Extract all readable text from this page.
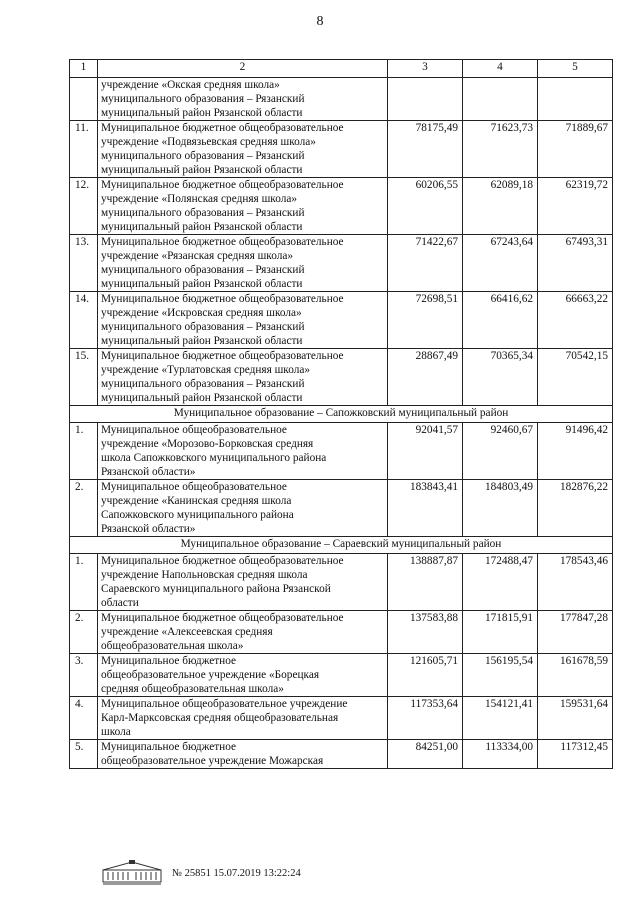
8
1	2	3	4	5

	учреждение «Окская средняя школа»
муниципального образования – Рязанский
муниципальный район Рязанской области			

11.	Муниципальное бюджетное общеобразовательное
учреждение «Подвязьевская средняя школа»
муниципального образования – Рязанский
муниципальный район Рязанской области	78175,49	71623,73	71889,67
12.	Муниципальное бюджетное общеобразовательное
учреждение «Полянская средняя школа»
муниципального образования – Рязанский
муниципальный район Рязанской области	60206,55	62089,18	62319,72
13.	Муниципальное бюджетное общеобразовательное
учреждение «Рязанская средняя школа»
муниципального образования – Рязанский
муниципальный район Рязанской области	71422,67	67243,64	67493,31
14.	Муниципальное бюджетное общеобразовательное
учреждение «Искровская средняя школа»
муниципального образования – Рязанский
муниципальный район Рязанской области	72698,51	66416,62	66663,22
15.	Муниципальное бюджетное общеобразовательное
учреждение «Турлатовская средняя школа»
муниципального образования – Рязанский
муниципальный район Рязанской области	28867,49	70365,34	70542,15
Муниципальное образование – Сапожковский муниципальный район				
1.	Муниципальное общеобразовательное
учреждение «Морозово-Борковская средняя
школа Сапожковского муниципального района
Рязанской области»	92041,57	92460,67	91496,42
2.	Муниципальное общеобразовательное
учреждение «Канинская средняя школа
Сапожковского муниципального района
Рязанской области»	183843,41	184803,49	182876,22
Муниципальное образование – Сараевский муниципальный район				
1.	Муниципальное бюджетное общеобразовательное
учреждение Напольновская средняя школа
Сараевского муниципального района Рязанской
области	138887,87	172488,47	178543,46
2.	Муниципальное бюджетное общеобразовательное
учреждение «Алексеевская средняя
общеобразовательная школа»	137583,88	171815,91	177847,28
3.	Муниципальное бюджетное
общеобразовательное учреждение «Борецкая
средняя общеобразовательная школа»	121605,71	156195,54	161678,59
4.	Муниципальное общеобразовательное учреждение
Карл-Марксовская средняя общеобразовательная
школа	117353,64	154121,41	159531,64
5.	Муниципальное бюджетное
общеобразовательное учреждение Можарская	84251,00	113334,00	117312,45
№ 25851 15.07.2019 13:22:24
